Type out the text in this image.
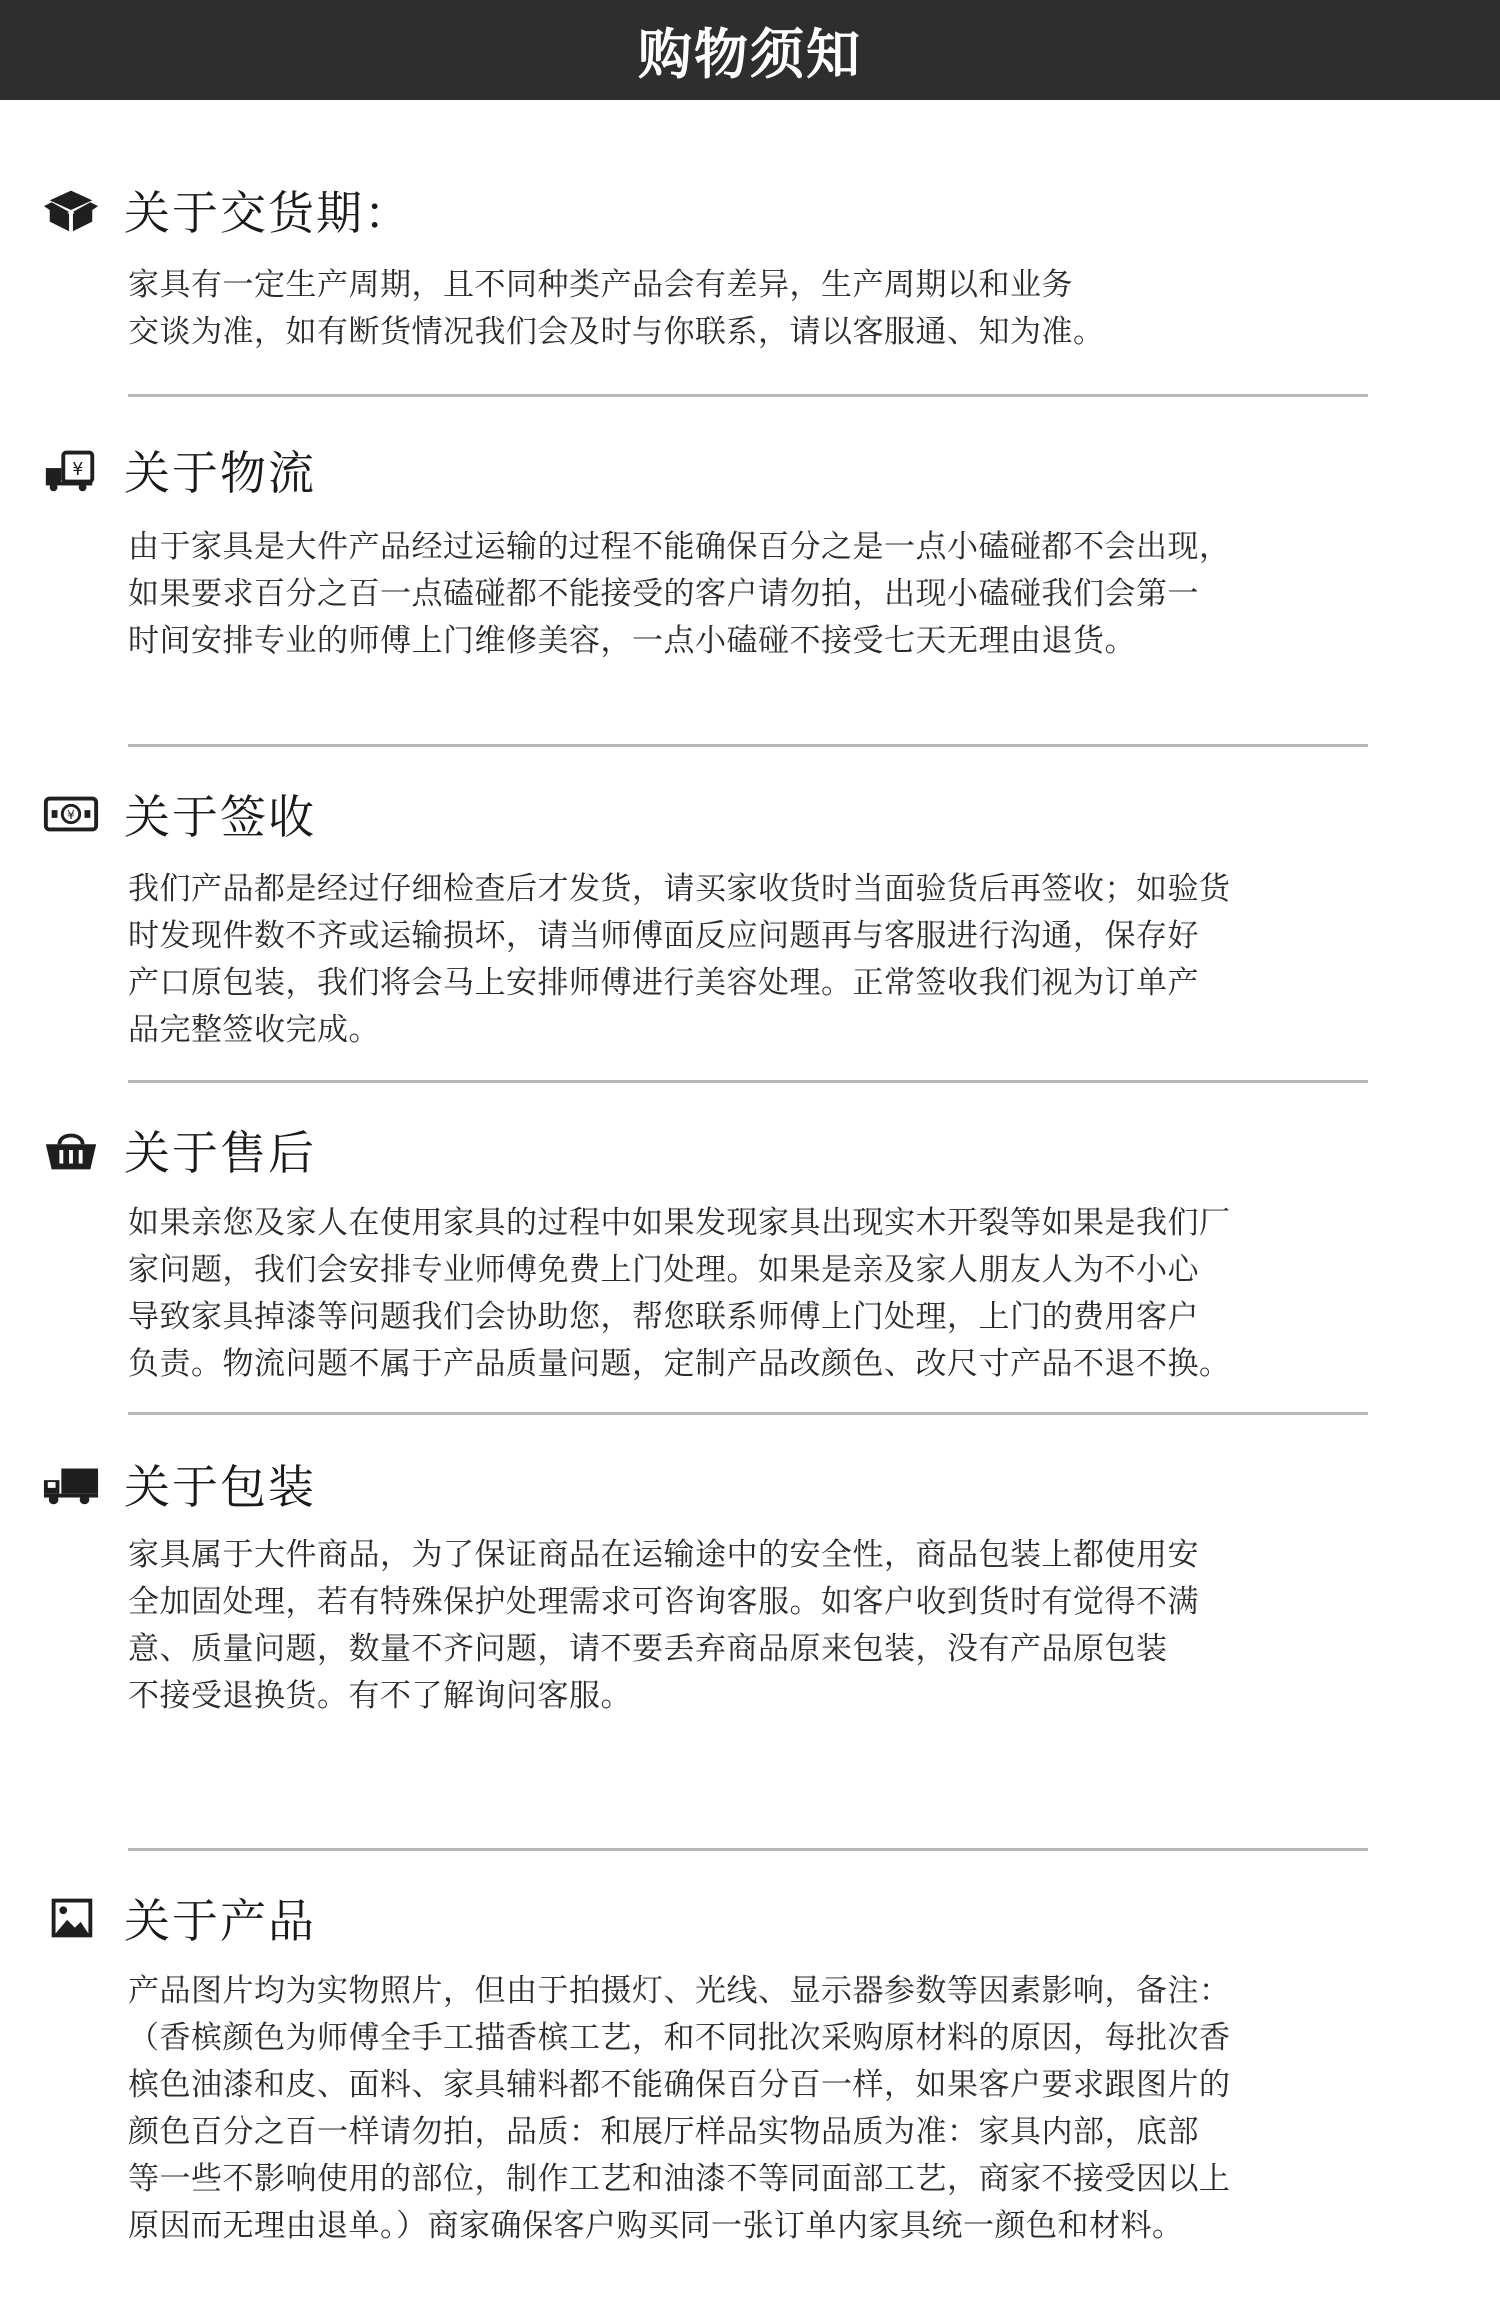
购物须知
关于交货期：
家具有一定生产周期，且不同种类产品会有差异，生产周期以和业务
交谈为准，如有断货情况我们会及时与你联系，请以客服通、知为准。
¥ 关于物流
由于家具是大件产品经过运输的过程不能确保百分之是一点小磕碰都不会出现，
如果要求百分之百一点磕碰都不能接受的客户请勿拍，出现小磕碰我们会第一
时间安排专业的师傅上门维修美容，一点小磕碰不接受七天无理由退货。
¥ 关于签收
我们产品都是经过仔细检查后才发货，请买家收货时当面验货后再签收；如验货
时发现件数不齐或运输损坏，请当师傅面反应问题再与客服进行沟通，保存好
产口原包装，我们将会马上安排师傅进行美容处理。正常签收我们视为订单产
品完整签收完成。
关于售后
如果亲您及家人在使用家具的过程中如果发现家具出现实木开裂等如果是我们厂
家问题，我们会安排专业师傅免费上门处理。如果是亲及家人朋友人为不小心
导致家具掉漆等问题我们会协助您，帮您联系师傅上门处理，上门的费用客户
负责。物流问题不属于产品质量问题，定制产品改颜色、改尺寸产品不退不换。
关于包装
家具属于大件商品，为了保证商品在运输途中的安全性，商品包装上都使用安
全加固处理，若有特殊保护处理需求可咨询客服。如客户收到货时有觉得不满
意、质量问题，数量不齐问题，请不要丢弃商品原来包装，没有产品原包装
不接受退换货。有不了解询问客服。
关于产品
产品图片均为实物照片，但由于拍摄灯、光线、显示器参数等因素影响，备注：
（香槟颜色为师傅全手工描香槟工艺，和不同批次采购原材料的原因，每批次香
槟色油漆和皮、面料、家具辅料都不能确保百分百一样，如果客户要求跟图片的
颜色百分之百一样请勿拍，品质：和展厅样品实物品质为准：家具内部，底部
等一些不影响使用的部位，制作工艺和油漆不等同面部工艺，商家不接受因以上
原因而无理由退单。）商家确保客户购买同一张订单内家具统一颜色和材料。
